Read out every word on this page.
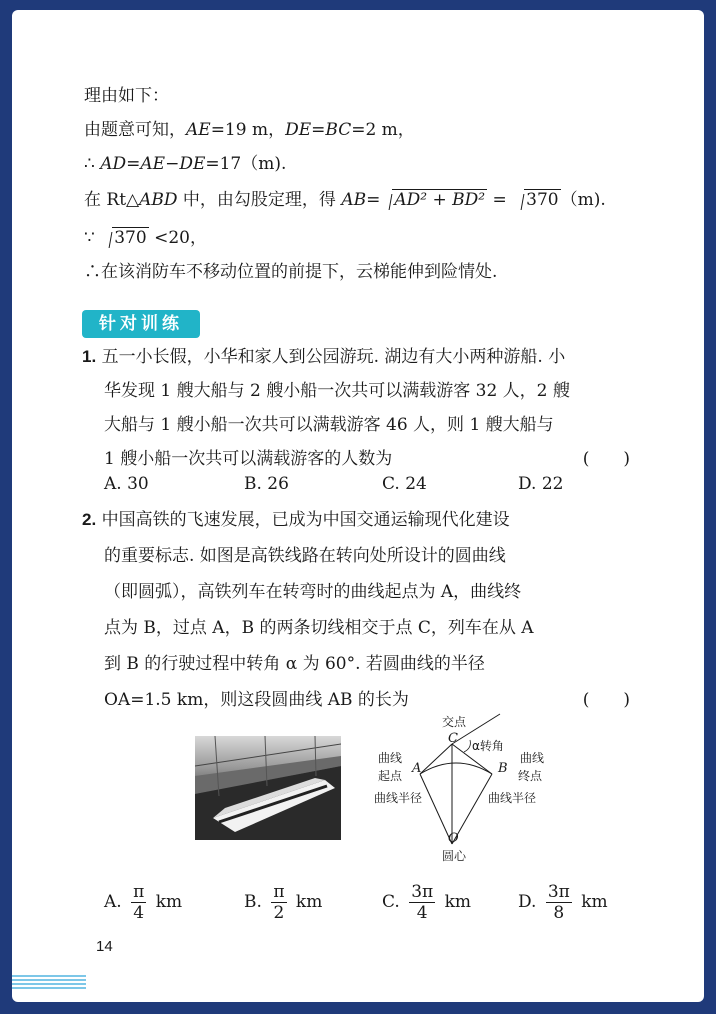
理由如下：
由题意可知，AE=19 m，DE=BC=2 m，
∴ AD=AE−DE=17（m).
在 Rt△ABD 中，由勾股定理，得 AB= AD² + BD² = 370 （m).
∵ 370 <20，
∴在该消防车不移动位置的前提下，云梯能伸到险情处.
针对训练
1. 五一小长假，小华和家人到公园游玩. 湖边有大小两种游船. 小
华发现 1 艘大船与 2 艘小船一次共可以满载游客 32 人，2 艘
大船与 1 艘小船一次共可以满载游客 46 人，则 1 艘大船与
1 艘小船一次共可以满载游客的人数为	(　　)
A. 30	B. 26	C. 24	D. 22
2. 中国高铁的飞速发展，已成为中国交通运输现代化建设
的重要标志. 如图是高铁线路在转向处所设计的圆曲线
（即圆弧），高铁列车在转弯时的曲线起点为 A，曲线终
点为 B，过点 A，B 的两条切线相交于点 C，列车在从 A
到 B 的行驶过程中转角 α 为 60°. 若圆曲线的半径
OA=1.5 km，则这段圆曲线 AB 的长为	(　　)
交点
C α转角
曲线
起点 A
曲线
终点
B
曲线半径	曲线半径
O
圆心
A. $\frac{\pi}{4}$ km	B. $\frac{\pi}{2}$ km	C. $\frac{3\pi}{4}$ km	D. $\frac{3\pi}{8}$ km
14
